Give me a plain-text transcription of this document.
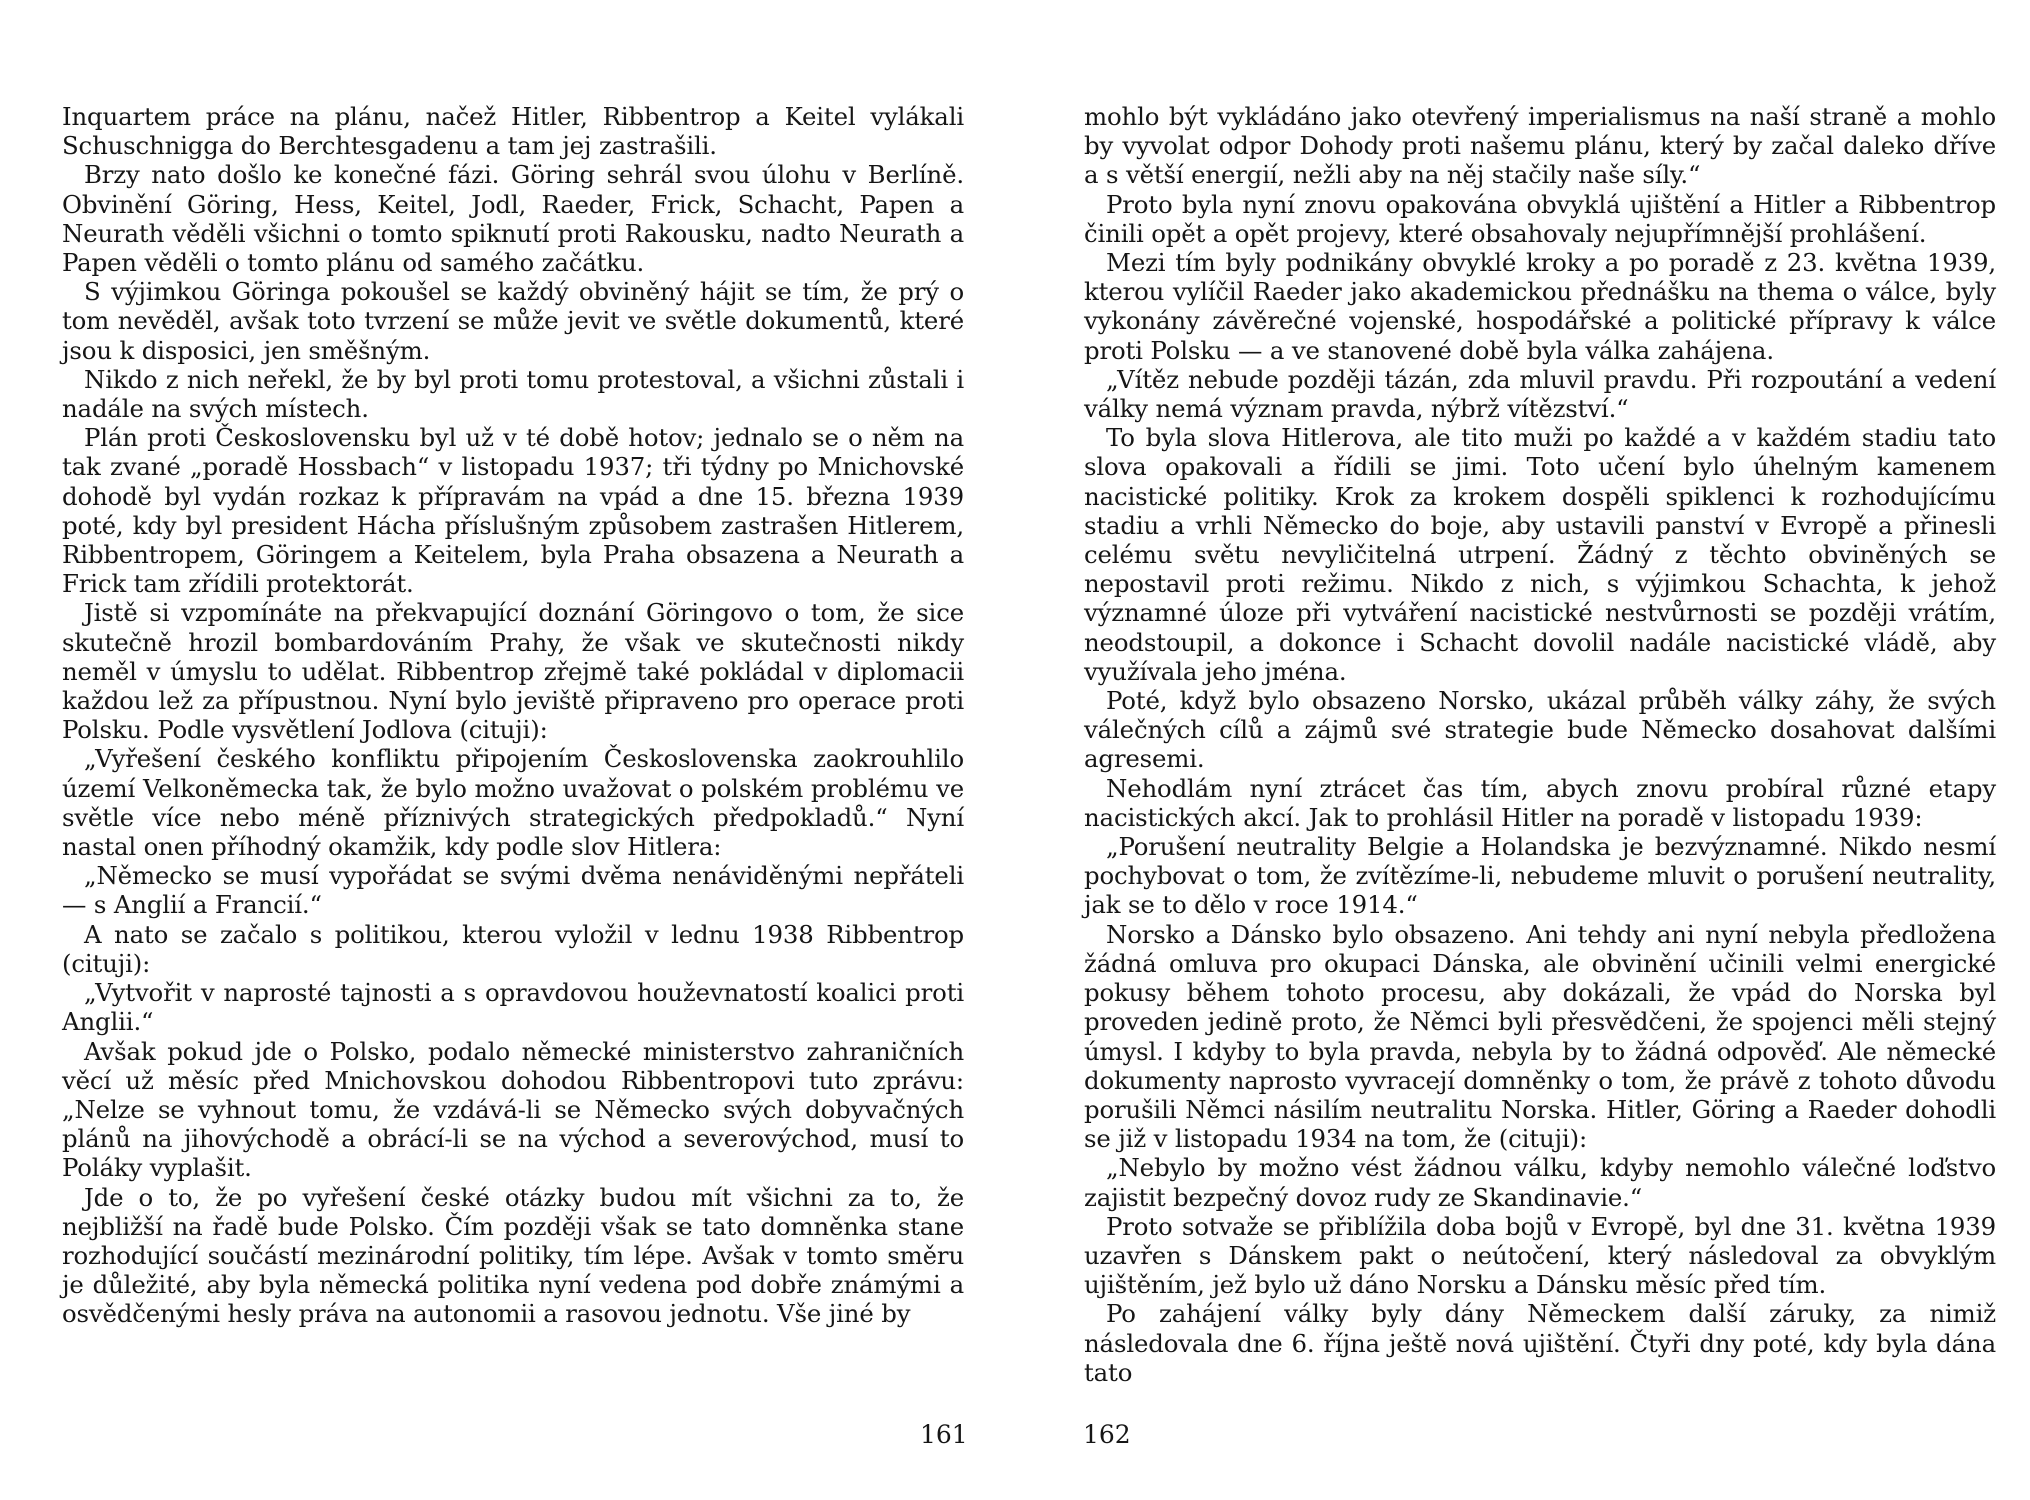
Inquartem práce na plánu, načež Hitler, Ribbentrop a Keitel vylákali Schuschnigga do Berchtesgadenu a tam jej zastrašili.

Brzy nato došlo ke konečné fázi. Göring sehrál svou úlohu v Berlíně. Obvinění Göring, Hess, Keitel, Jodl, Raeder, Frick, Schacht, Papen a Neurath věděli všichni o tomto spiknutí proti Rakousku, nadto Neurath a Papen věděli o tomto plánu od samého začátku.

S výjimkou Göringa pokoušel se každý obviněný hájit se tím, že prý o tom nevěděl, avšak toto tvrzení se může jevit ve světle dokumentů, které jsou k disposici, jen směšným.

Nikdo z nich neřekl, že by byl proti tomu protestoval, a všichni zůstali i nadále na svých místech.

Plán proti Československu byl už v té době hotov; jednalo se o něm na tak zvané „poradě Hossbach“ v listopadu 1937; tři týdny po Mnichovské dohodě byl vydán rozkaz k přípravám na vpád a dne 15. března 1939 poté, kdy byl president Hácha příslušným způsobem zastrašen Hitlerem, Ribbentropem, Göringem a Keitelem, byla Praha obsazena a Neurath a Frick tam zřídili protektorát.

Jistě si vzpomínáte na překvapující doznání Göringovo o tom, že sice skutečně hrozil bombardováním Prahy, že však ve skutečnosti nikdy neměl v úmyslu to udělat. Ribbentrop zřejmě také pokládal v diplomacii každou lež za přípustnou. Nyní bylo jeviště připraveno pro operace proti Polsku. Podle vysvětlení Jodlova (cituji):

„Vyřešení českého konfliktu připojením Československa zaokrouhlilo území Velkoněmecka tak, že bylo možno uvažovat o polském problému ve světle více nebo méně příznivých strategických předpokladů.“ Nyní nastal onen příhodný okamžik, kdy podle slov Hitlera:

„Německo se musí vypořádat se svými dvěma nenáviděnými nepřáteli — s Anglií a Francií.“

A nato se začalo s politikou, kterou vyložil v lednu 1938 Ribbentrop (cituji):

„Vytvořit v naprosté tajnosti a s opravdovou houževnatostí koalici proti Anglii.“

Avšak pokud jde o Polsko, podalo německé ministerstvo zahraničních věcí už měsíc před Mnichovskou dohodou Ribbentropovi tuto zprávu: „Nelze se vyhnout tomu, že vzdává-li se Německo svých dobyvačných plánů na jihovýchodě a obrácí-li se na východ a severovýchod, musí to Poláky vyplašit.

Jde o to, že po vyřešení české otázky budou mít všichni za to, že nejbližší na řadě bude Polsko. Čím později však se tato domněnka stane rozhodující součástí mezinárodní politiky, tím lépe. Avšak v tomto směru je důležité, aby byla německá politika nyní vedena pod dobře známými a osvědčenými hesly práva na autonomii a rasovou jednotu. Vše jiné by

161

mohlo být vykládáno jako otevřený imperialismus na naší straně a mohlo by vyvolat odpor Dohody proti našemu plánu, který by začal daleko dříve a s větší energií, nežli aby na něj stačily naše síly.“

Proto byla nyní znovu opakována obvyklá ujištění a Hitler a Ribbentrop činili opět a opět projevy, které obsahovaly nejupřímnější prohlášení.

Mezi tím byly podnikány obvyklé kroky a po poradě z 23. května 1939, kterou vylíčil Raeder jako akademickou přednášku na thema o válce, byly vykonány závěrečné vojenské, hospodářské a politické přípravy k válce proti Polsku — a ve stanovené době byla válka zahájena.

„Vítěz nebude později tázán, zda mluvil pravdu. Při rozpoutání a vedení války nemá význam pravda, nýbrž vítězství.“

To byla slova Hitlerova, ale tito muži po každé a v každém stadiu tato slova opakovali a řídili se jimi. Toto učení bylo úhelným kamenem nacistické politiky. Krok za krokem dospěli spiklenci k rozhodujícímu stadiu a vrhli Německo do boje, aby ustavili panství v Evropě a přinesli celému světu nevyličitelná utrpení. Žádný z těchto obviněných se nepostavil proti režimu. Nikdo z nich, s výjimkou Schachta, k jehož významné úloze při vytváření nacistické nestvůrnosti se později vrátím, neodstoupil, a dokonce i Schacht dovolil nadále nacistické vládě, aby využívala jeho jména.

Poté, když bylo obsazeno Norsko, ukázal průběh války záhy, že svých válečných cílů a zájmů své strategie bude Německo dosahovat dalšími agresemi.

Nehodlám nyní ztrácet čas tím, abych znovu probíral různé etapy nacistických akcí. Jak to prohlásil Hitler na poradě v listopadu 1939:

„Porušení neutrality Belgie a Holandska je bezvýznamné. Nikdo nesmí pochybovat o tom, že zvítězíme-li, nebudeme mluvit o porušení neutrality, jak se to dělo v roce 1914.“

Norsko a Dánsko bylo obsazeno. Ani tehdy ani nyní nebyla předložena žádná omluva pro okupaci Dánska, ale obvinění učinili velmi energické pokusy během tohoto procesu, aby dokázali, že vpád do Norska byl proveden jedině proto, že Němci byli přesvědčeni, že spojenci měli stejný úmysl. I kdyby to byla pravda, nebyla by to žádná odpověď. Ale německé dokumenty naprosto vyvracejí domněnky o tom, že právě z tohoto důvodu porušili Němci násilím neutralitu Norska. Hitler, Göring a Raeder dohodli se již v listopadu 1934 na tom, že (cituji):

„Nebylo by možno vést žádnou válku, kdyby nemohlo válečné loďstvo zajistit bezpečný dovoz rudy ze Skandinavie.“

Proto sotvaže se přiblížila doba bojů v Evropě, byl dne 31. května 1939 uzavřen s Dánskem pakt o neútočení, který následoval za obvyklým ujištěním, jež bylo už dáno Norsku a Dánsku měsíc před tím.

Po zahájení války byly dány Německem další záruky, za nimiž následovala dne 6. října ještě nová ujištění. Čtyři dny poté, kdy byla dána tato

162
